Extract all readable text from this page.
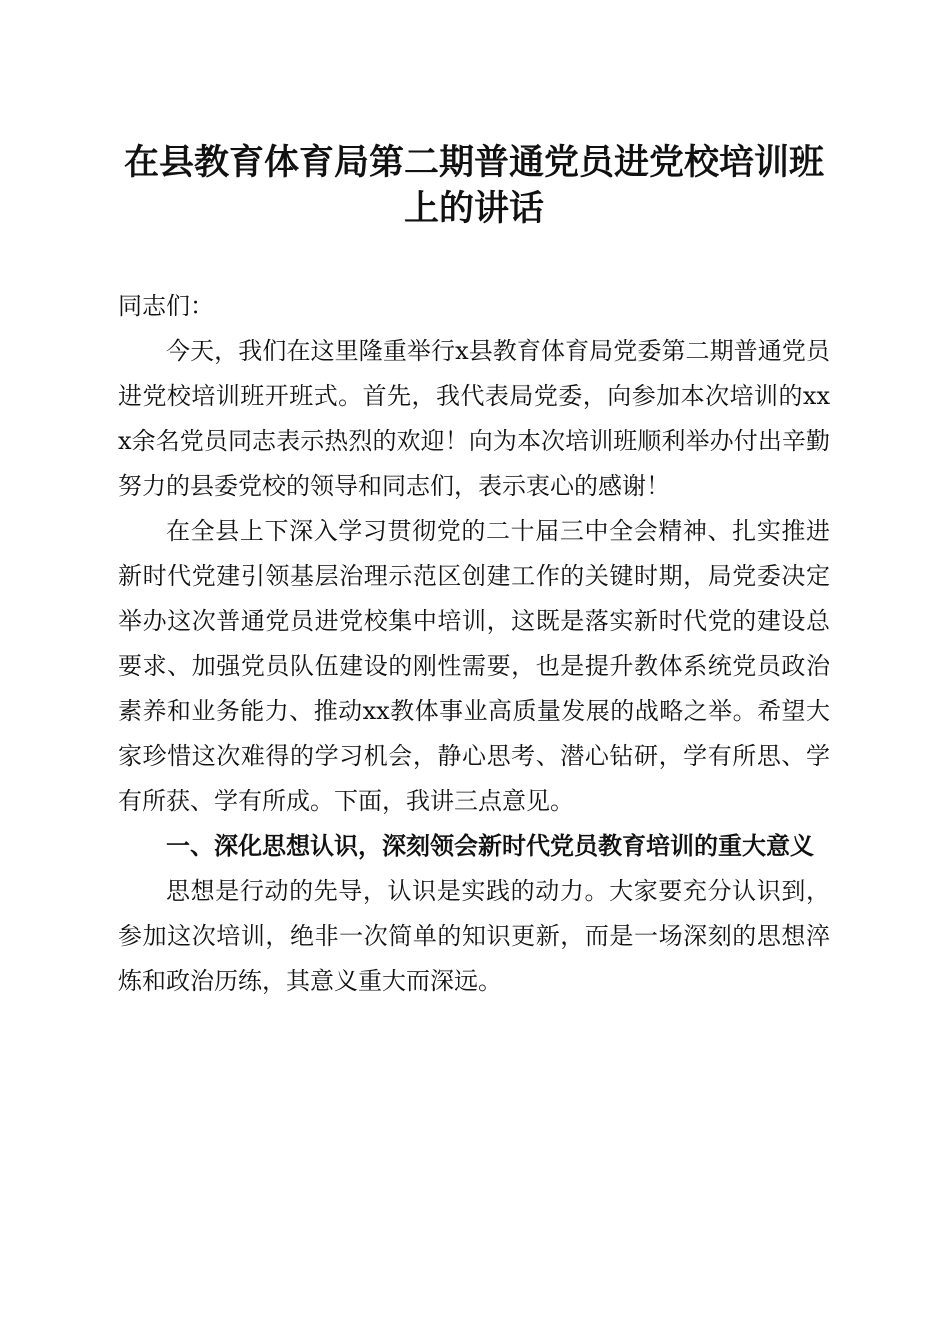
在县教育体育局第二期普通党员进党校培训班
上的讲话

同志们：

今天，我们在这里隆重举行x县教育体育局党委第二期普通党员进党校培训班开班式。首先，我代表局党委，向参加本次培训的xxx余名党员同志表示热烈的欢迎！向为本次培训班顺利举办付出辛勤努力的县委党校的领导和同志们，表示衷心的感谢！

在全县上下深入学习贯彻党的二十届三中全会精神、扎实推进新时代党建引领基层治理示范区创建工作的关键时期，局党委决定举办这次普通党员进党校集中培训，这既是落实新时代党的建设总要求、加强党员队伍建设的刚性需要，也是提升教体系统党员政治素养和业务能力、推动xx教体事业高质量发展的战略之举。希望大家珍惜这次难得的学习机会，静心思考、潜心钻研，学有所思、学有所获、学有所成。下面，我讲三点意见。

一、深化思想认识，深刻领会新时代党员教育培训的重大意义

思想是行动的先导，认识是实践的动力。大家要充分认识到，参加这次培训，绝非一次简单的知识更新，而是一场深刻的思想淬炼和政治历练，其意义重大而深远。
